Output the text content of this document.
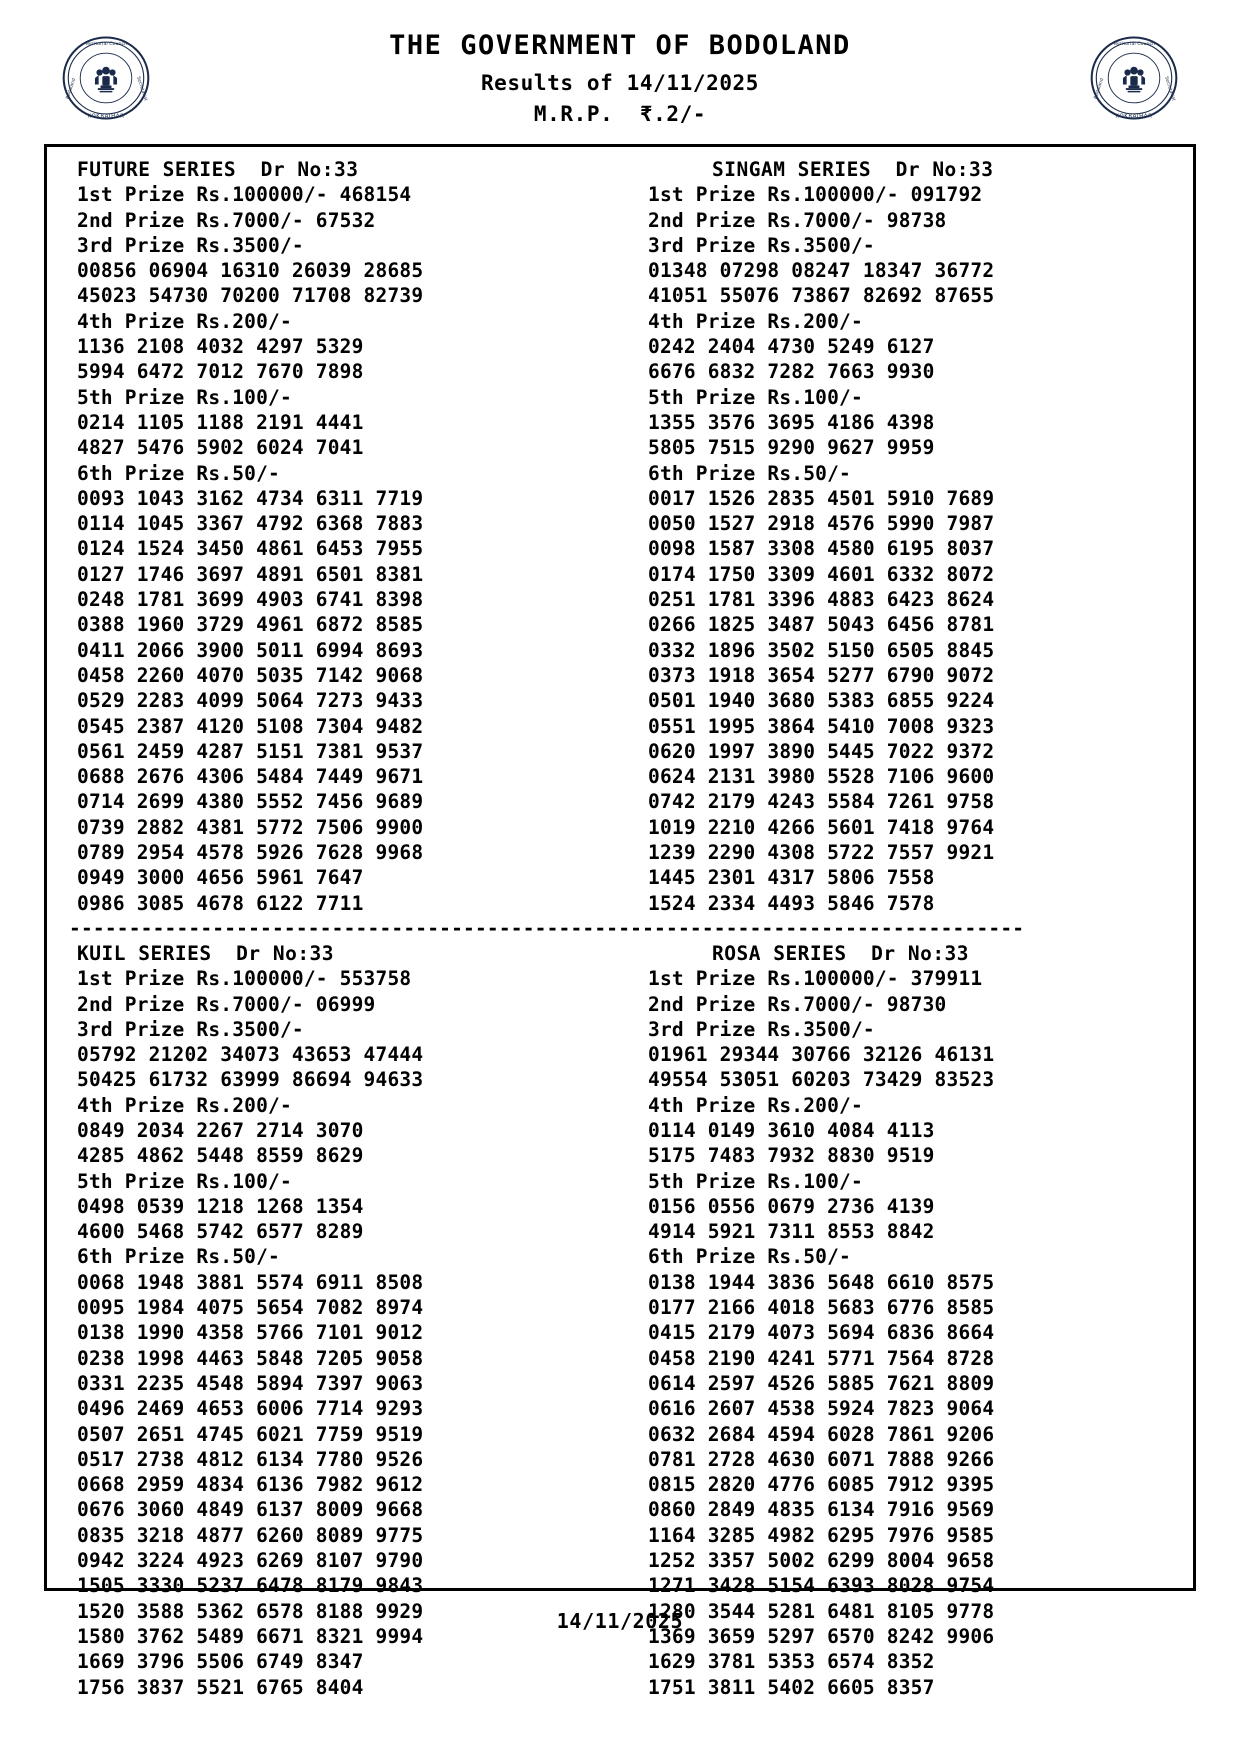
Territorial Council
KOKRAJHAR
Bodoland	Secretariat
THE GOVERNMENT OF BODOLAND
Results of 14/11/2025
M.R.P.  ₹.2/-
Territorial Council
KOKRAJHAR
Bodoland	Secretariat
FUTURE SERIES  Dr No:33
1st Prize Rs.100000/- 468154
2nd Prize Rs.7000/- 67532
3rd Prize Rs.3500/-
00856 06904 16310 26039 28685
45023 54730 70200 71708 82739
4th Prize Rs.200/-
1136 2108 4032 4297 5329
5994 6472 7012 7670 7898
5th Prize Rs.100/-
0214 1105 1188 2191 4441
4827 5476 5902 6024 7041
6th Prize Rs.50/-
0093 1043 3162 4734 6311 7719
0114 1045 3367 4792 6368 7883
0124 1524 3450 4861 6453 7955
0127 1746 3697 4891 6501 8381
0248 1781 3699 4903 6741 8398
0388 1960 3729 4961 6872 8585
0411 2066 3900 5011 6994 8693
0458 2260 4070 5035 7142 9068
0529 2283 4099 5064 7273 9433
0545 2387 4120 5108 7304 9482
0561 2459 4287 5151 7381 9537
0688 2676 4306 5484 7449 9671
0714 2699 4380 5552 7456 9689
0739 2882 4381 5772 7506 9900
0789 2954 4578 5926 7628 9968
0949 3000 4656 5961 7647
0986 3085 4678 6122 7711
SINGAM SERIES  Dr No:33
1st Prize Rs.100000/- 091792
2nd Prize Rs.7000/- 98738
3rd Prize Rs.3500/-
01348 07298 08247 18347 36772
41051 55076 73867 82692 87655
4th Prize Rs.200/-
0242 2404 4730 5249 6127
6676 6832 7282 7663 9930
5th Prize Rs.100/-
1355 3576 3695 4186 4398
5805 7515 9290 9627 9959
6th Prize Rs.50/-
0017 1526 2835 4501 5910 7689
0050 1527 2918 4576 5990 7987
0098 1587 3308 4580 6195 8037
0174 1750 3309 4601 6332 8072
0251 1781 3396 4883 6423 8624
0266 1825 3487 5043 6456 8781
0332 1896 3502 5150 6505 8845
0373 1918 3654 5277 6790 9072
0501 1940 3680 5383 6855 9224
0551 1995 3864 5410 7008 9323
0620 1997 3890 5445 7022 9372
0624 2131 3980 5528 7106 9600
0742 2179 4243 5584 7261 9758
1019 2210 4266 5601 7418 9764
1239 2290 4308 5722 7557 9921
1445 2301 4317 5806 7558
1524 2334 4493 5846 7578
--------------------------------------------------------------------------------
KUIL SERIES  Dr No:33
1st Prize Rs.100000/- 553758
2nd Prize Rs.7000/- 06999
3rd Prize Rs.3500/-
05792 21202 34073 43653 47444
50425 61732 63999 86694 94633
4th Prize Rs.200/-
0849 2034 2267 2714 3070
4285 4862 5448 8559 8629
5th Prize Rs.100/-
0498 0539 1218 1268 1354
4600 5468 5742 6577 8289
6th Prize Rs.50/-
0068 1948 3881 5574 6911 8508
0095 1984 4075 5654 7082 8974
0138 1990 4358 5766 7101 9012
0238 1998 4463 5848 7205 9058
0331 2235 4548 5894 7397 9063
0496 2469 4653 6006 7714 9293
0507 2651 4745 6021 7759 9519
0517 2738 4812 6134 7780 9526
0668 2959 4834 6136 7982 9612
0676 3060 4849 6137 8009 9668
0835 3218 4877 6260 8089 9775
0942 3224 4923 6269 8107 9790
1505 3330 5237 6478 8179 9843
1520 3588 5362 6578 8188 9929
1580 3762 5489 6671 8321 9994
1669 3796 5506 6749 8347
1756 3837 5521 6765 8404
ROSA SERIES  Dr No:33
1st Prize Rs.100000/- 379911
2nd Prize Rs.7000/- 98730
3rd Prize Rs.3500/-
01961 29344 30766 32126 46131
49554 53051 60203 73429 83523
4th Prize Rs.200/-
0114 0149 3610 4084 4113
5175 7483 7932 8830 9519
5th Prize Rs.100/-
0156 0556 0679 2736 4139
4914 5921 7311 8553 8842
6th Prize Rs.50/-
0138 1944 3836 5648 6610 8575
0177 2166 4018 5683 6776 8585
0415 2179 4073 5694 6836 8664
0458 2190 4241 5771 7564 8728
0614 2597 4526 5885 7621 8809
0616 2607 4538 5924 7823 9064
0632 2684 4594 6028 7861 9206
0781 2728 4630 6071 7888 9266
0815 2820 4776 6085 7912 9395
0860 2849 4835 6134 7916 9569
1164 3285 4982 6295 7976 9585
1252 3357 5002 6299 8004 9658
1271 3428 5154 6393 8028 9754
1280 3544 5281 6481 8105 9778
1369 3659 5297 6570 8242 9906
1629 3781 5353 6574 8352
1751 3811 5402 6605 8357
14/11/2025
